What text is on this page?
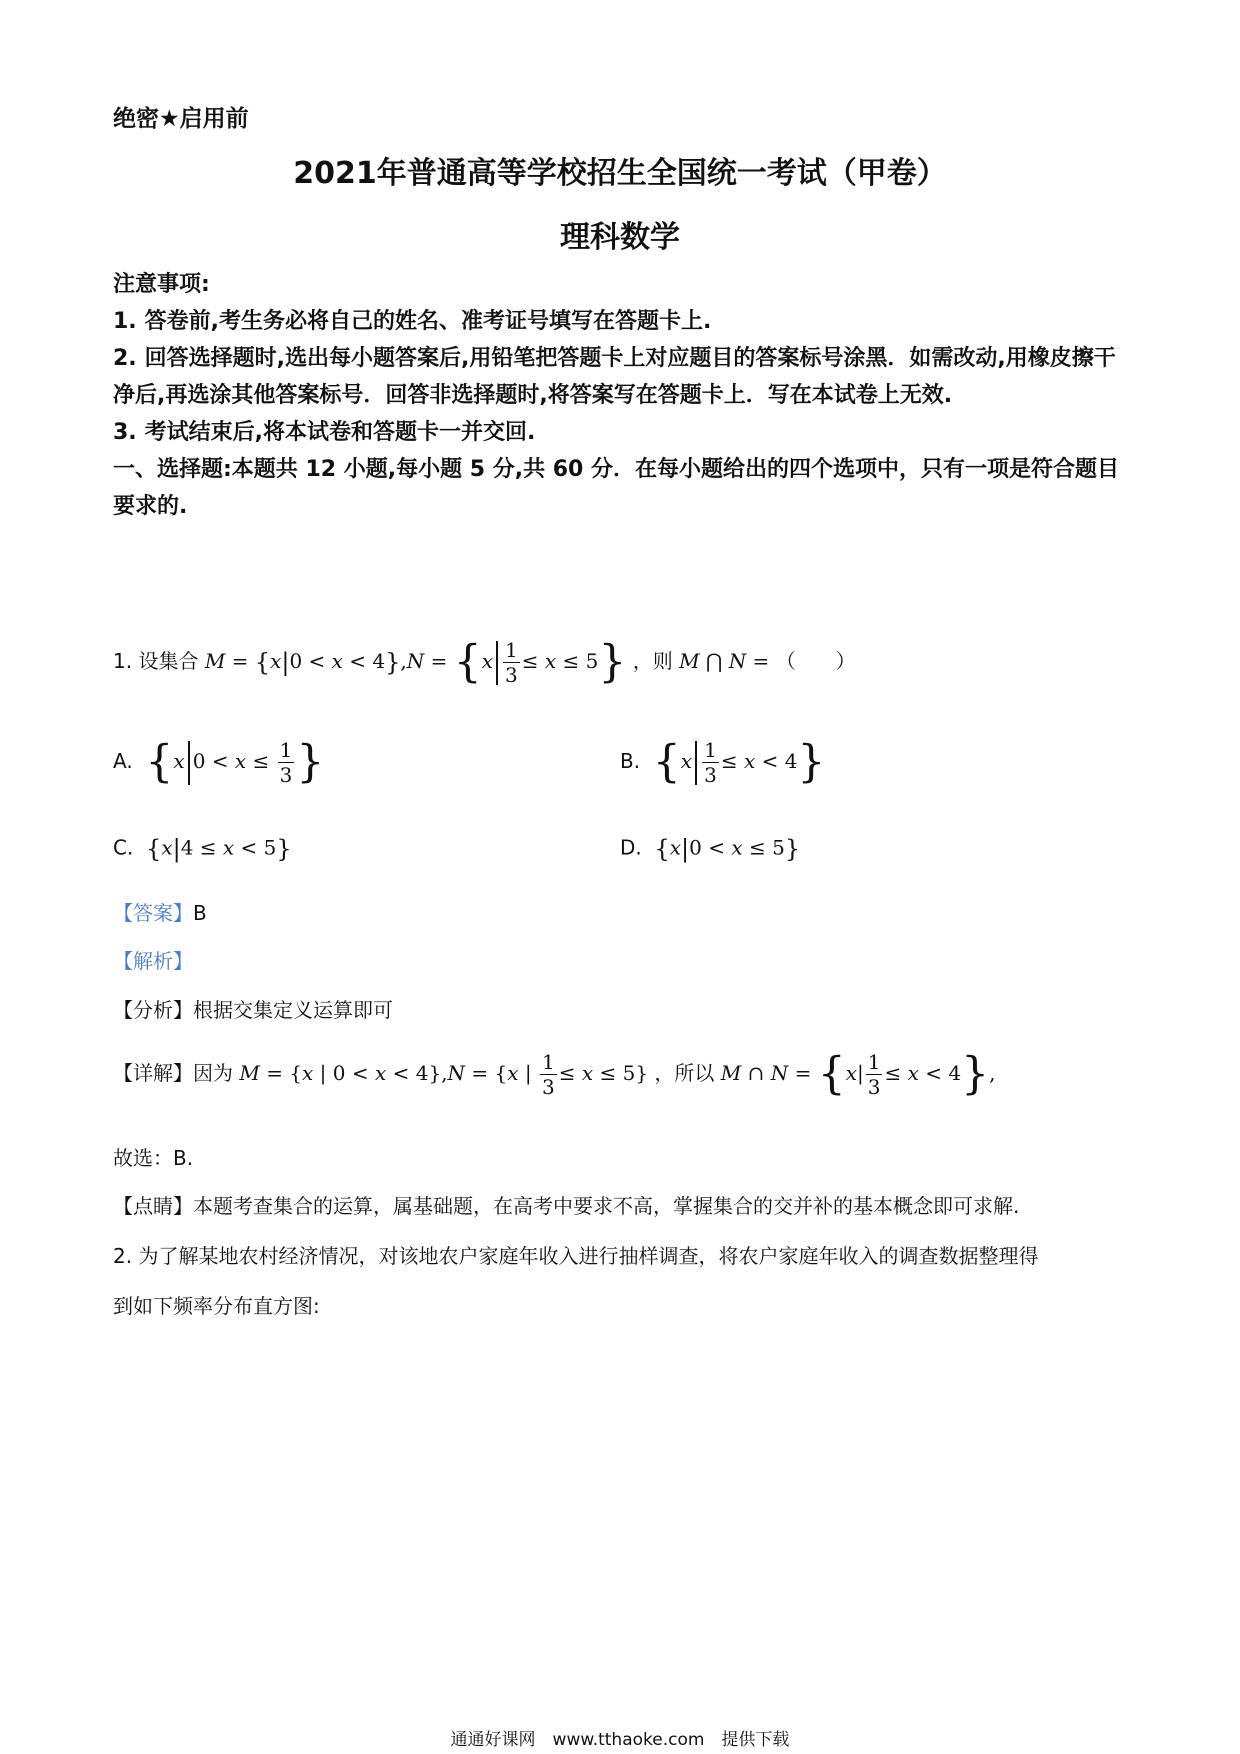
绝密★启用前
2021年普通高等学校招生全国统一考试（甲卷）
理科数学

注意事项:

1. 答卷前,考生务必将自己的姓名、准考证号填写在答题卡上.

2. 回答选择题时,选出每小题答案后,用铅笔把答题卡上对应题目的答案标号涂黑．如需改动,用橡皮擦干净后,再选涂其他答案标号．回答非选择题时,将答案写在答题卡上．写在本试卷上无效.

3. 考试结束后,将本试卷和答题卡一并交回.

一、选择题:本题共 12 小题,每小题 5 分,共 60 分．在每小题给出的四个选项中，只有一项是符合题目要求的.

1. 设集合 $M = \{x|0 < x < 4\},N = \{x \frac{1}{3} \le x \le 5\}$ ，则 M ⋂ N = （　　）
A. {x $0 < x \le \frac{1}{3}$ }	B. $\{x \frac{1}{3} \le x < 4\}$
C. {x|4 ≤ x < 5}	D. {x|0 < x ≤ 5}
【答案】B
【解析】
【分析】根据交集定义运算即可
【详解】因为 M = {x | 0 < x < 4},N = {x | $\frac{1}{3} \le x \le 5$} ，所以 M ∩ $N = \{x| \frac{1}{3} \le x < 4\}$,
故选：B.
【点睛】本题考查集合的运算，属基础题，在高考中要求不高，掌握集合的交并补的基本概念即可求解.
2. 为了解某地农村经济情况，对该地农户家庭年收入进行抽样调查，将农户家庭年收入的调查数据整理得
到如下频率分布直方图:
通通好课网　www.tthaoke.com　提供下载
